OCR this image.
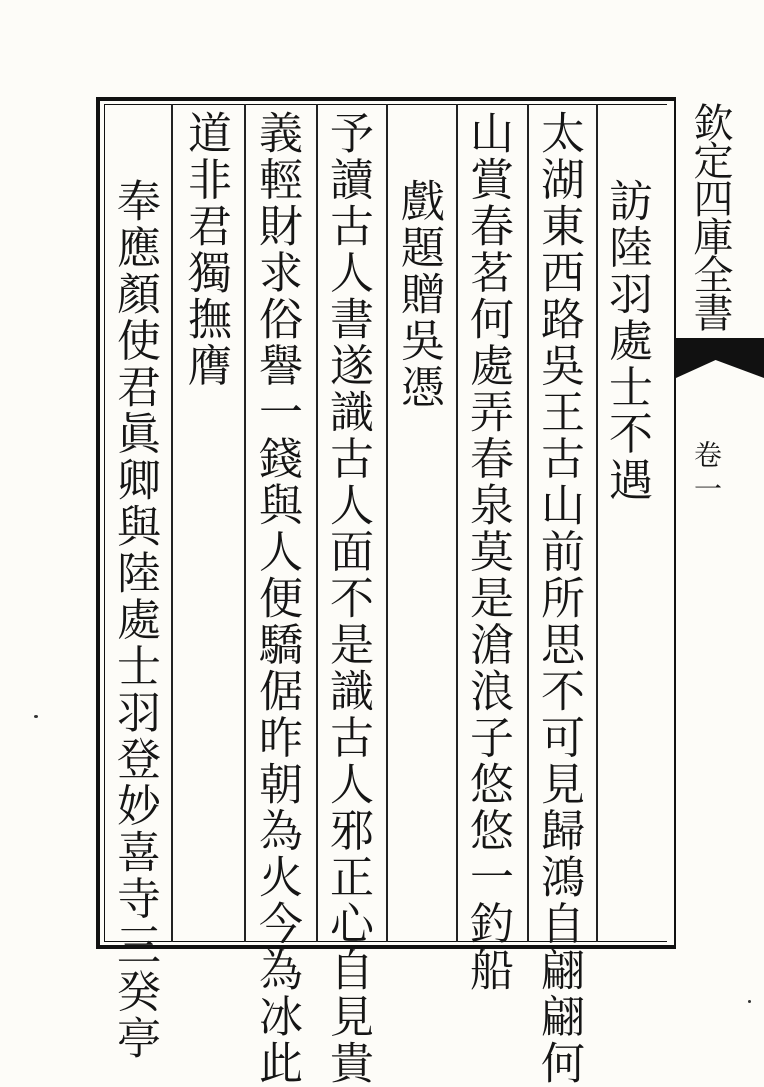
欽定四庫全書
卷一
訪陸羽處士不遇
太湖東西路吳王古山前所思不可見歸鴻自翩翩何
山賞春茗何處弄春泉莫是滄浪子悠悠一釣船
戲題贈吳憑
予讀古人書遂識古人面不是識古人邪正心自見貴
義輕財求俗譽一錢與人便驕倨昨朝為火今為冰此
道非君獨撫膺
奉應顏使君眞卿與陸處士羽登妙喜寺三癸亭
